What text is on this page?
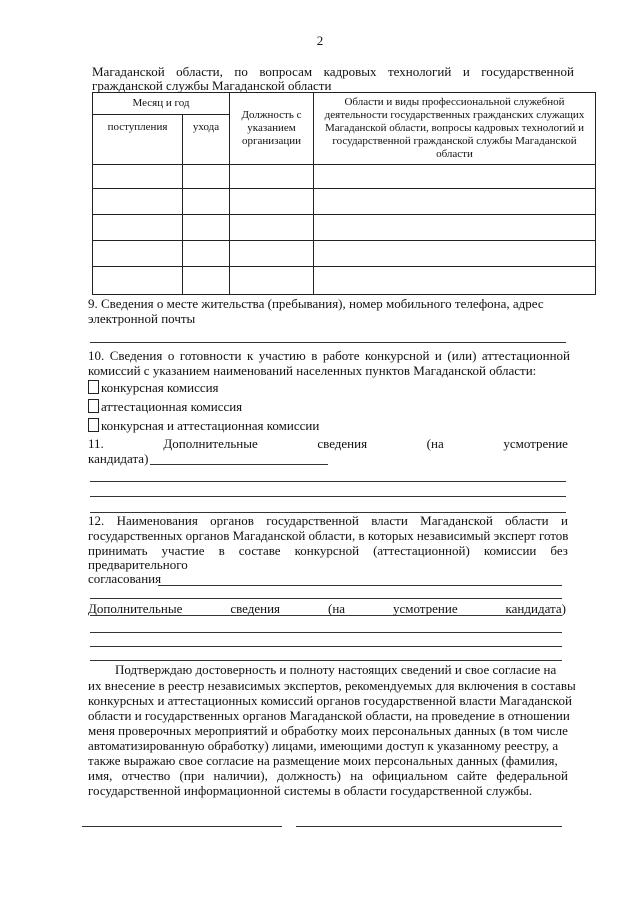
2
Магаданской области, по вопросам кадровых технологий и государственной
гражданской службы Магаданской области
Месяц и год		Должность с указанием организации	Области и виды профессиональной служебной деятельности государственных гражданских служащих Магаданской области, вопросы кадровых технологий и государственной гражданской службы Магаданской области
поступления	ухода		

9. Сведения о месте жительства (пребывания), номер мобильного телефона, адрес
электронной почты
10. Сведения о готовности к участию в работе конкурсной и (или) аттестационной
комиссий с указанием наименований населенных пунктов Магаданской области:
конкурсная комиссия
аттестационная комиссия
конкурсная и аттестационная комиссии
11.	Дополнительные	сведения	(на	усмотрение
кандидата)
12. Наименования органов государственной власти Магаданской области и
государственных органов Магаданской области, в которых независимый эксперт готов
принимать участие в составе конкурсной (аттестационной) комиссии без
предварительного
согласования
Дополнительные	сведения	(на	усмотрение	кандидата)
Подтверждаю достоверность и полноту настоящих сведений и свое согласие на
их внесение в реестр независимых экспертов, рекомендуемых для включения в составы
конкурсных и аттестационных комиссий органов государственной власти Магаданской
области и государственных органов Магаданской области, на проведение в отношении
меня проверочных мероприятий и обработку моих персональных данных (в том числе
автоматизированную обработку) лицами, имеющими доступ к указанному реестру, а
также выражаю свое согласие на размещение моих персональных данных (фамилия,
имя, отчество (при наличии), должность) на официальном сайте федеральной
государственной информационной системы в области государственной службы.
